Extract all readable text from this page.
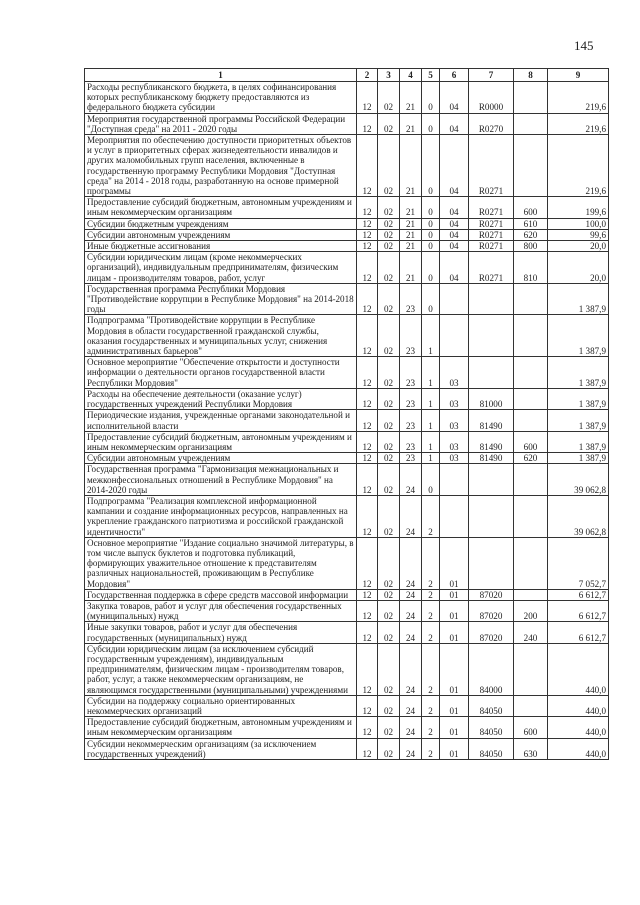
145
1	2	3	4	5	6	7	8	9
Расходы республиканского бюджета, в целях софинансирования которых республиканскому бюджету предоставляются из федерального бюджета субсидии	12	02	21	0	04	R0000		219,6
Мероприятия государственной программы Российской Федерации "Доступная среда" на 2011 - 2020 годы	12	02	21	0	04	R0270		219,6
Мероприятия по обеспечению доступности приоритетных объектов и услуг в приоритетных сферах жизнедеятельности инвалидов и других маломобильных групп населения, включенные в государственную программу Республики Мордовия "Доступная среда" на 2014 - 2018 годы, разработанную на основе примерной программы	12	02	21	0	04	R0271		219,6
Предоставление субсидий бюджетным, автономным учреждениям и иным некоммерческим организациям	12	02	21	0	04	R0271	600	199,6
Субсидии бюджетным учреждениям	12	02	21	0	04	R0271	610	100,0
Субсидии автономным учреждениям	12	02	21	0	04	R0271	620	99,6
Иные бюджетные ассигнования	12	02	21	0	04	R0271	800	20,0
Субсидии юридическим лицам (кроме некоммерческих организаций), индивидуальным предпринимателям, физическим лицам - производителям товаров, работ, услуг	12	02	21	0	04	R0271	810	20,0
Государственная программа Республики Мордовия "Противодействие коррупции в Республике Мордовия" на 2014-2018 годы	12	02	23	0				1 387,9
Подпрограмма "Противодействие коррупции в Республике Мордовия в области государственной гражданской службы, оказания государственных и муниципальных услуг, снижения административных барьеров"	12	02	23	1				1 387,9
Основное мероприятие "Обеспечение открытости и доступности информации о деятельности органов государственной власти Республики Мордовия"	12	02	23	1	03			1 387,9
Расходы на обеспечение деятельности (оказание услуг) государственных учреждений Республики Мордовия	12	02	23	1	03	81000		1 387,9
Периодические издания, учрежденные органами законодательной и исполнительной власти	12	02	23	1	03	81490		1 387,9
Предоставление субсидий бюджетным, автономным учреждениям и иным некоммерческим организациям	12	02	23	1	03	81490	600	1 387,9
Субсидии автономным учреждениям	12	02	23	1	03	81490	620	1 387,9
Государственная программа "Гармонизация межнациональных и межконфессиональных отношений в Республике Мордовия" на 2014-2020 годы	12	02	24	0				39 062,8
Подпрограмма "Реализация комплексной информационной кампании и создание информационных ресурсов, направленных на укрепление гражданского патриотизма и российской гражданской идентичности"	12	02	24	2				39 062,8
Основное мероприятие "Издание социально значимой литературы, в том числе выпуск буклетов и подготовка публикаций, формирующих уважительное отношение к представителям различных национальностей, проживающим в Республике Мордовия"	12	02	24	2	01			7 052,7
Государственная поддержка в сфере средств массовой информации	12	02	24	2	01	87020		6 612,7
Закупка товаров, работ и услуг для обеспечения государственных (муниципальных) нужд	12	02	24	2	01	87020	200	6 612,7
Иные закупки товаров, работ и услуг для обеспечения государственных (муниципальных) нужд	12	02	24	2	01	87020	240	6 612,7
Субсидии юридическим лицам (за исключением субсидий государственным учреждениям), индивидуальным предпринимателям, физическим лицам - производителям товаров, работ, услуг, а также некоммерческим организациям, не являющимся государственными (муниципальными) учреждениями	12	02	24	2	01	84000		440,0
Субсидии на поддержку социально ориентированных некоммерческих организаций	12	02	24	2	01	84050		440,0
Предоставление субсидий бюджетным, автономным учреждениям и иным некоммерческим организациям	12	02	24	2	01	84050	600	440,0
Субсидии некоммерческим организациям (за исключением государственных учреждений)	12	02	24	2	01	84050	630	440,0
